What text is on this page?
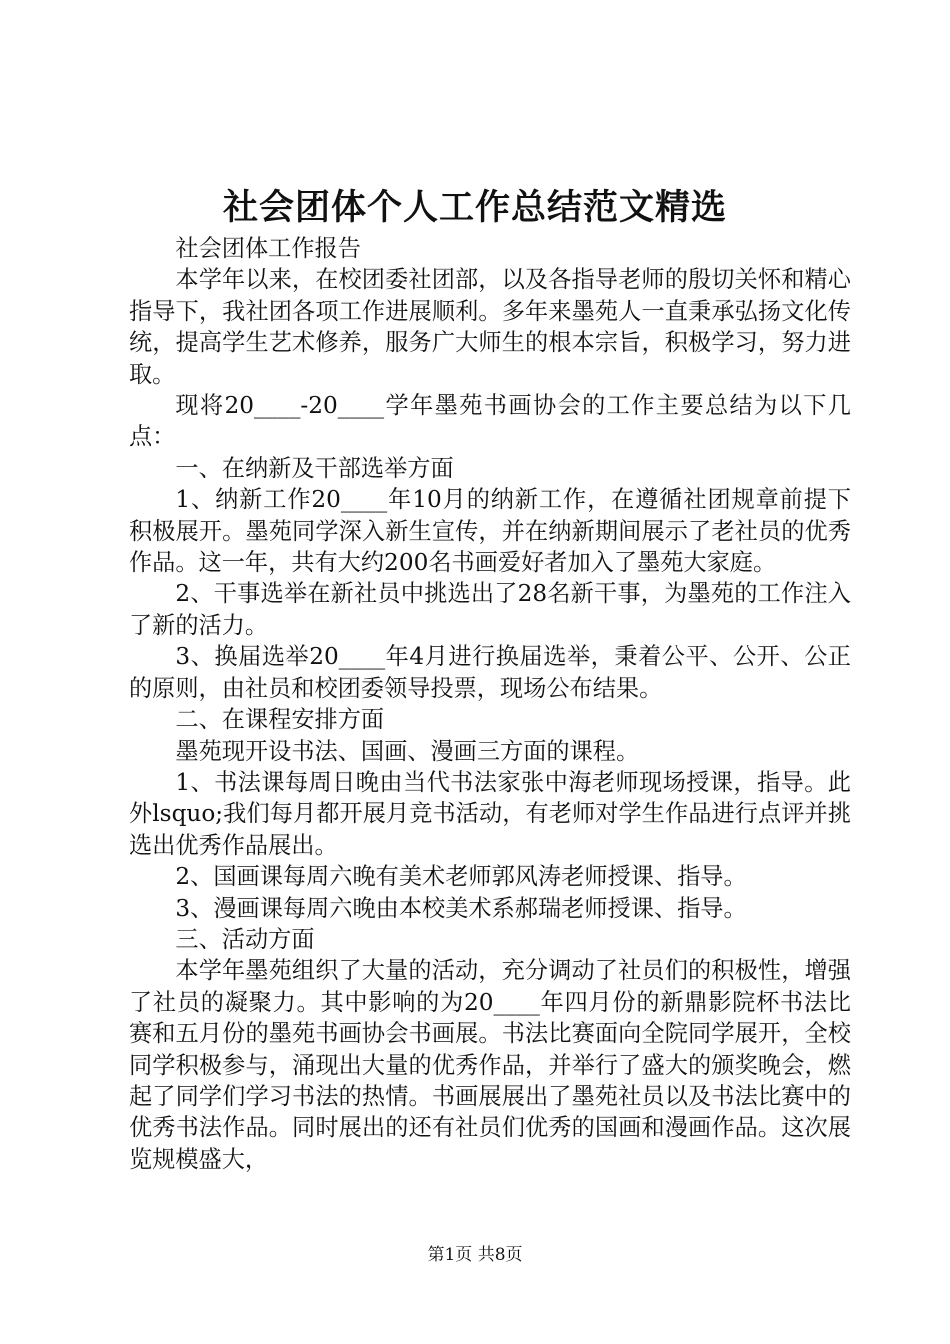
社会团体个人工作总结范文精选

社会团体工作报告

本学年以来，在校团委社团部，以及各指导老师的殷切关怀和精心指导下，我社团各项工作进展顺利。多年来墨苑人一直秉承弘扬文化传统，提高学生艺术修养，服务广大师生的根本宗旨，积极学习，努力进取。

现将20____-20____学年墨苑书画协会的工作主要总结为以下几点：

一、在纳新及干部选举方面

1、纳新工作20____年10月的纳新工作，在遵循社团规章前提下积极展开。墨苑同学深入新生宣传，并在纳新期间展示了老社员的优秀作品。这一年，共有大约200名书画爱好者加入了墨苑大家庭。

2、干事选举在新社员中挑选出了28名新干事，为墨苑的工作注入了新的活力。

3、换届选举20____年4月进行换届选举，秉着公平、公开、公正的原则，由社员和校团委领导投票，现场公布结果。

二、在课程安排方面

墨苑现开设书法、国画、漫画三方面的课程。

1、书法课每周日晚由当代书法家张中海老师现场授课，指导。此外lsquo;我们每月都开展月竞书活动，有老师对学生作品进行点评并挑选出优秀作品展出。

2、国画课每周六晚有美术老师郭风涛老师授课、指导。

3、漫画课每周六晚由本校美术系郝瑞老师授课、指导。

三、活动方面

本学年墨苑组织了大量的活动，充分调动了社员们的积极性，增强了社员的凝聚力。其中影响的为20____年四月份的新鼎影院杯书法比赛和五月份的墨苑书画协会书画展。书法比赛面向全院同学展开，全校同学积极参与，涌现出大量的优秀作品，并举行了盛大的颁奖晚会，燃起了同学们学习书法的热情。书画展展出了墨苑社员以及书法比赛中的优秀书法作品。同时展出的还有社员们优秀的国画和漫画作品。这次展览规模盛大，

第1页 共8页
